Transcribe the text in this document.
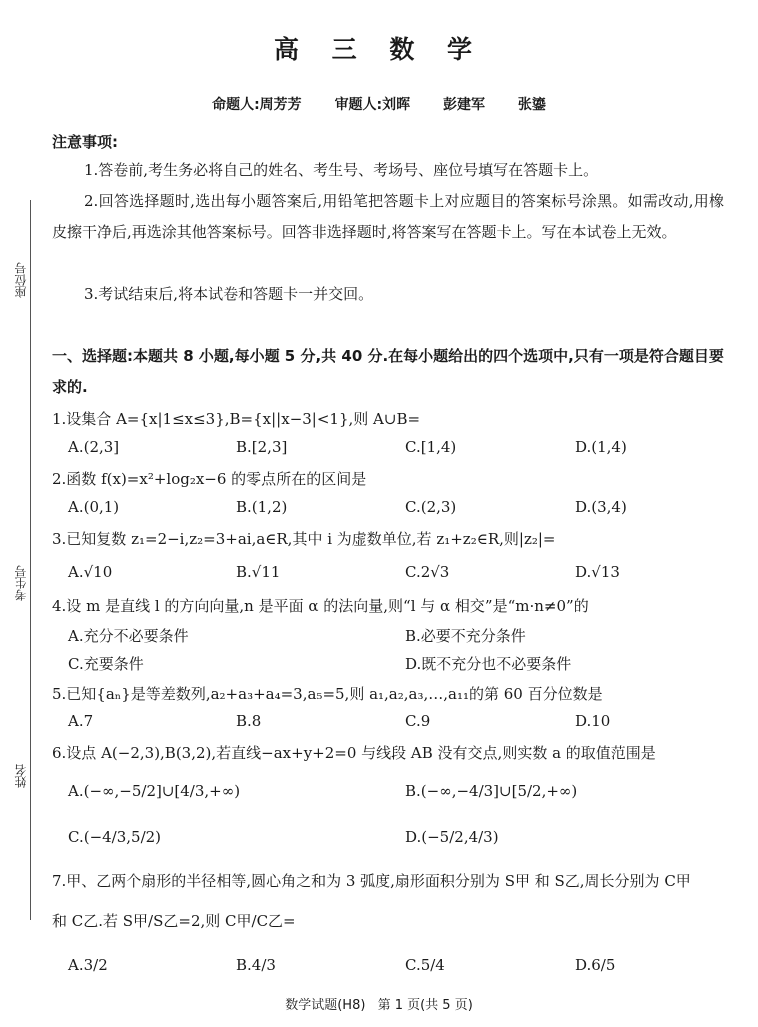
座位号
考生号
姓名
高 三 数 学
命题人:周芳芳 审题人:刘晖 彭建军 张鎏
注意事项:
1.答卷前,考生务必将自己的姓名、考生号、考场号、座位号填写在答题卡上。
2.回答选择题时,选出每小题答案后,用铅笔把答题卡上对应题目的答案标号涂黑。如需改动,用橡皮擦干净后,再选涂其他答案标号。回答非选择题时,将答案写在答题卡上。写在本试卷上无效。
3.考试结束后,将本试卷和答题卡一并交回。
一、选择题:本题共 8 小题,每小题 5 分,共 40 分.在每小题给出的四个选项中,只有一项是符合题目要求的.
1.设集合 A={x|1≤x≤3},B={x||x−3|<1},则 A∪B=
A.(2,3]	B.[2,3]	C.[1,4)	D.(1,4)
2.函数 f(x)=x²+log₂x−6 的零点所在的区间是
A.(0,1)	B.(1,2)	C.(2,3)	D.(3,4)
3.已知复数 z₁=2−i,z₂=3+ai,a∈R,其中 i 为虚数单位,若 z₁+z₂∈R,则|z₂|=
A.√10	B.√11	C.2√3	D.√13
4.设 m 是直线 l 的方向向量,n 是平面 α 的法向量,则“l 与 α 相交”是“m·n≠0”的
A.充分不必要条件	B.必要不充分条件
C.充要条件	D.既不充分也不必要条件
5.已知{aₙ}是等差数列,a₂+a₃+a₄=3,a₅=5,则 a₁,a₂,a₃,…,a₁₁的第 60 百分位数是
A.7	B.8	C.9	D.10
6.设点 A(−2,3),B(3,2),若直线−ax+y+2=0 与线段 AB 没有交点,则实数 a 的取值范围是
A.(−∞,−5/2]∪[4/3,+∞)	B.(−∞,−4/3]∪[5/2,+∞)
C.(−4/3,5/2)	D.(−5/2,4/3)
7.甲、乙两个扇形的半径相等,圆心角之和为 3 弧度,扇形面积分别为 S甲 和 S乙,周长分别为 C甲
和 C乙.若 S甲/S乙=2,则 C甲/C乙=
A.3/2	B.4/3	C.5/4	D.6/5
数学试题(H8) 第 1 页(共 5 页)
